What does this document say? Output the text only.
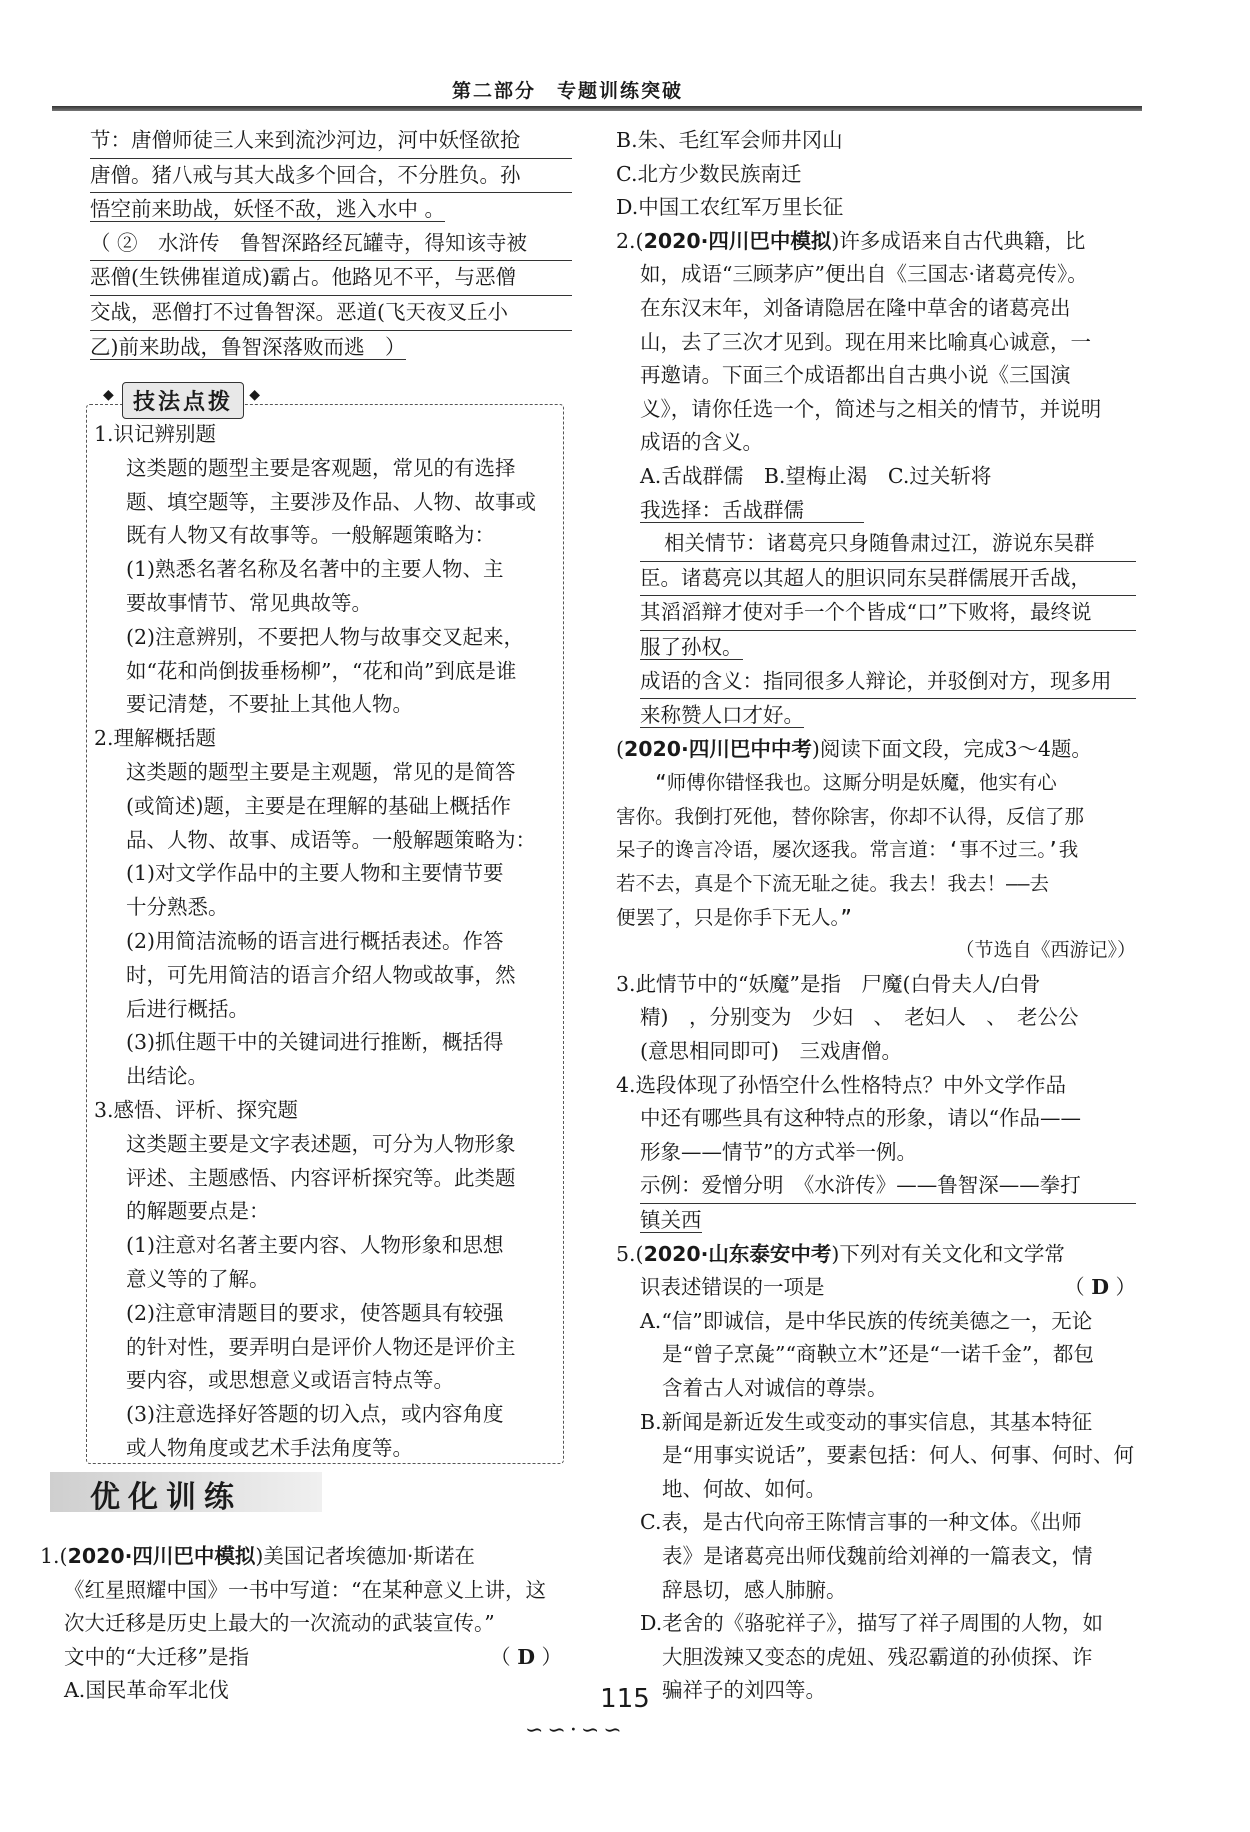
第二部分　专题训练突破

节：唐僧师徒三人来到流沙河边，河中妖怪欲抢

唐僧。猪八戒与其大战多个回合，不分胜负。孙

悟空前来助战，妖怪不敌，逃入水中 。

（ ②　水浒传　鲁智深路经瓦罐寺，得知该寺被

恶僧(生铁佛崔道成)霸占。他路见不平，与恶僧

交战，恶僧打不过鲁智深。恶道(飞天夜叉丘小

乙)前来助战，鲁智深落败而逃　）

◆ 技法点拨 ◆

1.识记辨别题

这类题的题型主要是客观题，常见的有选择

题、填空题等，主要涉及作品、人物、故事或

既有人物又有故事等。一般解题策略为：

(1)熟悉名著名称及名著中的主要人物、主

要故事情节、常见典故等。

(2)注意辨别，不要把人物与故事交叉起来，

如“花和尚倒拔垂杨柳”，“花和尚”到底是谁

要记清楚，不要扯上其他人物。

2.理解概括题

这类题的题型主要是主观题，常见的是简答

(或简述)题，主要是在理解的基础上概括作

品、人物、故事、成语等。一般解题策略为：

(1)对文学作品中的主要人物和主要情节要

十分熟悉。

(2)用简洁流畅的语言进行概括表述。作答

时，可先用简洁的语言介绍人物或故事，然

后进行概括。

(3)抓住题干中的关键词进行推断，概括得

出结论。

3.感悟、评析、探究题

这类题主要是文字表述题，可分为人物形象

评述、主题感悟、内容评析探究等。此类题

的解题要点是：

(1)注意对名著主要内容、人物形象和思想

意义等的了解。

(2)注意审清题目的要求，使答题具有较强

的针对性，要弄明白是评价人物还是评价主

要内容，或思想意义或语言特点等。

(3)注意选择好答题的切入点，或内容角度

或人物角度或艺术手法角度等。

优化训练

1.(2020·四川巴中模拟)美国记者埃德加·斯诺在

《红星照耀中国》一书中写道：“在某种意义上讲，这

次大迁移是历史上最大的一次流动的武装宣传。”

文中的“大迁移”是指	（ D ）

A.国民革命军北伐

B.朱、毛红军会师井冈山

C.北方少数民族南迁

D.中国工农红军万里长征

2.(2020·四川巴中模拟)许多成语来自古代典籍，比

如，成语“三顾茅庐”便出自《三国志·诸葛亮传》。

在东汉末年，刘备请隐居在隆中草舍的诸葛亮出

山，去了三次才见到。现在用来比喻真心诚意，一

再邀请。下面三个成语都出自古典小说《三国演

义》，请你任选一个，简述与之相关的情节，并说明

成语的含义。

A.舌战群儒　B.望梅止渴　C.过关斩将

我选择：舌战群儒

相关情节：诸葛亮只身随鲁肃过江，游说东吴群

臣。诸葛亮以其超人的胆识同东吴群儒展开舌战，

其滔滔辩才使对手一个个皆成“口”下败将，最终说

服了孙权。

成语的含义：指同很多人辩论，并驳倒对方，现多用

来称赞人口才好。

(2020·四川巴中中考)阅读下面文段，完成3～4题。

“师傅你错怪我也。这厮分明是妖魔，他实有心

害你。我倒打死他，替你除害，你却不认得，反信了那

呆子的谗言冷语，屡次逐我。常言道：‘事不过三。’我

若不去，真是个下流无耻之徒。我去！我去！——去

便罢了，只是你手下无人。”

（节选自《西游记》）

3.此情节中的“妖魔”是指　尸魔(白骨夫人/白骨

精)　，分别变为　少妇　、　老妇人　、　老公公

(意思相同即可)　三戏唐僧。

4.选段体现了孙悟空什么性格特点？中外文学作品

中还有哪些具有这种特点的形象，请以“作品——

形象——情节”的方式举一例。

示例：爱憎分明　《水浒传》——鲁智深——拳打

镇关西

5.(2020·山东泰安中考)下列对有关文化和文学常

识表述错误的一项是	（ D ）

A.“信”即诚信，是中华民族的传统美德之一，无论

是“曾子烹彘”“商鞅立木”还是“一诺千金”，都包

含着古人对诚信的尊崇。

B.新闻是新近发生或变动的事实信息，其基本特征

是“用事实说话”，要素包括：何人、何事、何时、何

地、何故、如何。

C.表，是古代向帝王陈情言事的一种文体。《出师

表》是诸葛亮出师伐魏前给刘禅的一篇表文，情

辞恳切，感人肺腑。

D.老舍的《骆驼祥子》，描写了祥子周围的人物，如

大胆泼辣又变态的虎妞、残忍霸道的孙侦探、诈

骗祥子的刘四等。

115
∽∽·∽∽
